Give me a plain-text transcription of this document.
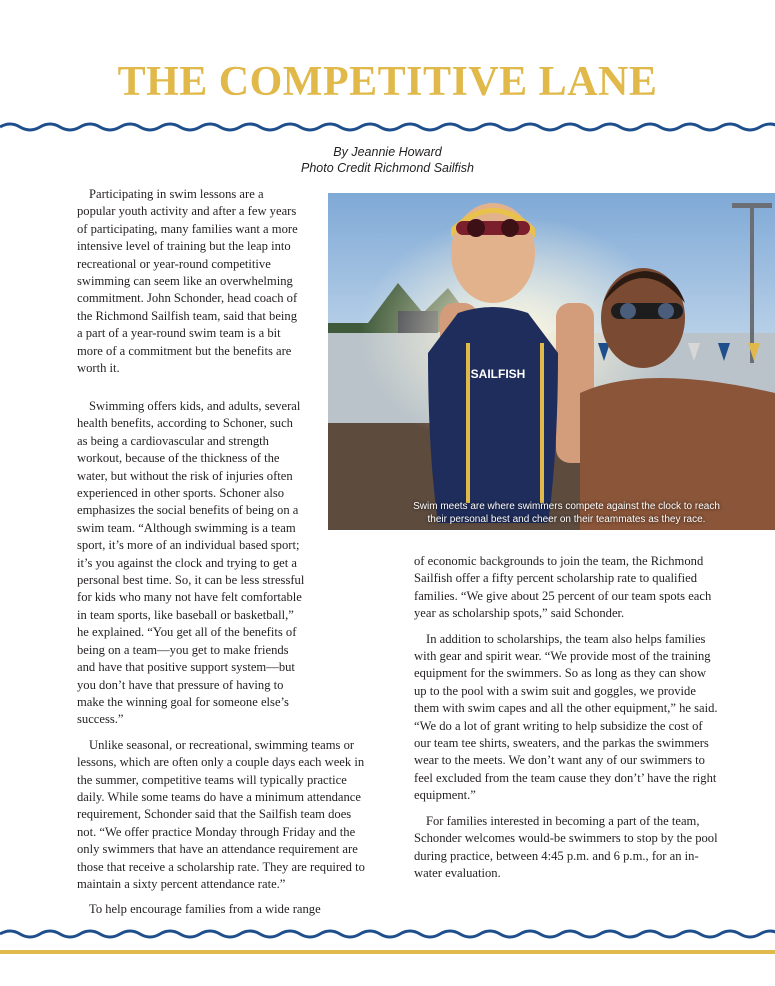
THE COMPETITIVE LANE
By Jeannie Howard
Photo Credit Richmond Sailfish

Participating in swim lessons are a popular youth activity and after a few years of participating, many families want a more intensive level of training but the leap into recreational or year-round competitive swimming can seem like an overwhelming commitment. John Schonder, head coach of the Richmond Sailfish team, said that being a part of a year-round swim team is a bit more of a commitment but the benefits are worth it.

Swimming offers kids, and adults, several health benefits, according to Schoner, such as being a cardiovascular and strength workout, because of the thickness of the water, but without the risk of injuries often experienced in other sports. Schoner also emphasizes the social benefits of being on a swim team. “Although swimming is a team sport, it’s more of an individual based sport; it’s you against the clock and trying to get a personal best time. So, it can be less stressful for kids who many not have felt comfortable in team sports, like baseball or basketball,” he explained. “You get all of the benefits of being on a team—you get to make friends and have that positive support system—but you don’t have that pressure of having to make the winning goal for someone else’s success.”

Unlike seasonal, or recreational, swimming teams or lessons, which are often only a couple days each week in the summer, competitive teams will typically practice daily. While some teams do have a minimum attendance requirement, Schonder said that the Sailfish team does not. “We offer practice Monday through Friday and the only swimmers that have an attendance requirement are those that receive a scholarship rate. They are required to maintain a sixty percent attendance rate.”

To help encourage families from a wide range

SAILFISH
Swim meets are where swimmers compete against the clock to reach
their personal best and cheer on their teammates as they race.

of economic backgrounds to join the team, the Richmond Sailfish offer a fifty percent scholarship rate to qualified families. “We give about 25 percent of our team spots each year as scholarship spots,” said Schonder.

In addition to scholarships, the team also helps families with gear and spirit wear. “We provide most of the training equipment for the swimmers. So as long as they can show up to the pool with a swim suit and goggles, we provide them with swim capes and all the other equipment,” he said. “We do a lot of grant writing to help subsidize the cost of our team tee shirts, sweaters, and the parkas the swimmers wear to the meets. We don’t want any of our swimmers to feel excluded from the team cause they don’t’ have the right equipment.”

For families interested in becoming a part of the team, Schonder welcomes would-be swimmers to stop by the pool during practice, between 4:45 p.m. and 6 p.m., for an in-water evaluation.
